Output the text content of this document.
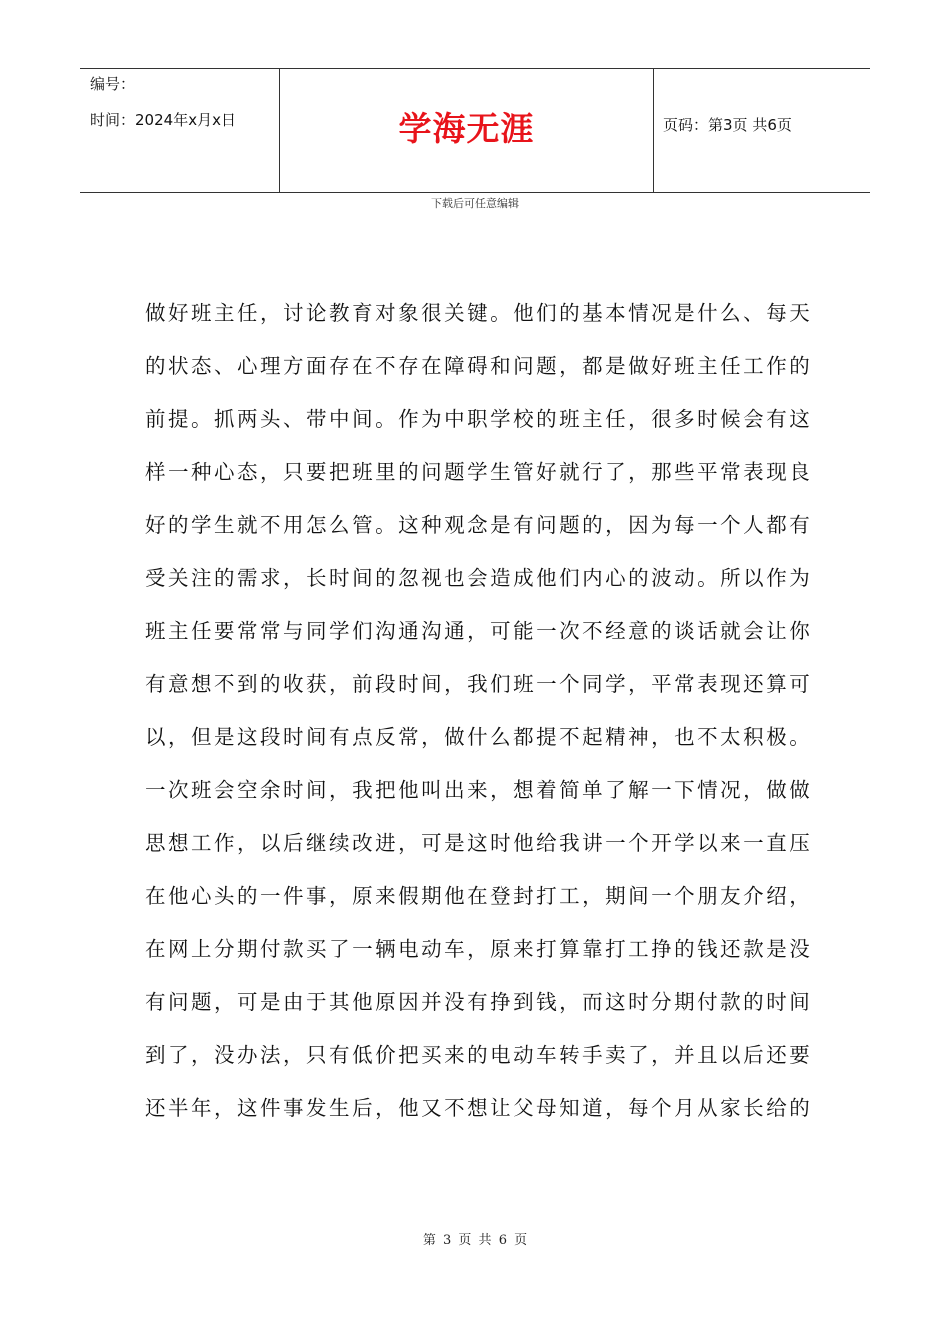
编号：
时间：2024年x月x日	学海无涯	页码：第3页 共6页
下载后可任意编辑
做好班主任，讨论教育对象很关键。他们的基本情况是什么、每天
的状态、心理方面存在不存在障碍和问题，都是做好班主任工作的
前提。抓两头、带中间。作为中职学校的班主任，很多时候会有这
样一种心态，只要把班里的问题学生管好就行了，那些平常表现良
好的学生就不用怎么管。这种观念是有问题的，因为每一个人都有
受关注的需求，长时间的忽视也会造成他们内心的波动。所以作为
班主任要常常与同学们沟通沟通，可能一次不经意的谈话就会让你
有意想不到的收获，前段时间，我们班一个同学，平常表现还算可
以，但是这段时间有点反常，做什么都提不起精神，也不太积极。
一次班会空余时间，我把他叫出来，想着简单了解一下情况，做做
思想工作，以后继续改进，可是这时他给我讲一个开学以来一直压
在他心头的一件事，原来假期他在登封打工，期间一个朋友介绍，
在网上分期付款买了一辆电动车，原来打算靠打工挣的钱还款是没
有问题，可是由于其他原因并没有挣到钱，而这时分期付款的时间
到了，没办法，只有低价把买来的电动车转手卖了，并且以后还要
还半年，这件事发生后，他又不想让父母知道，每个月从家长给的
第 3 页 共 6 页
